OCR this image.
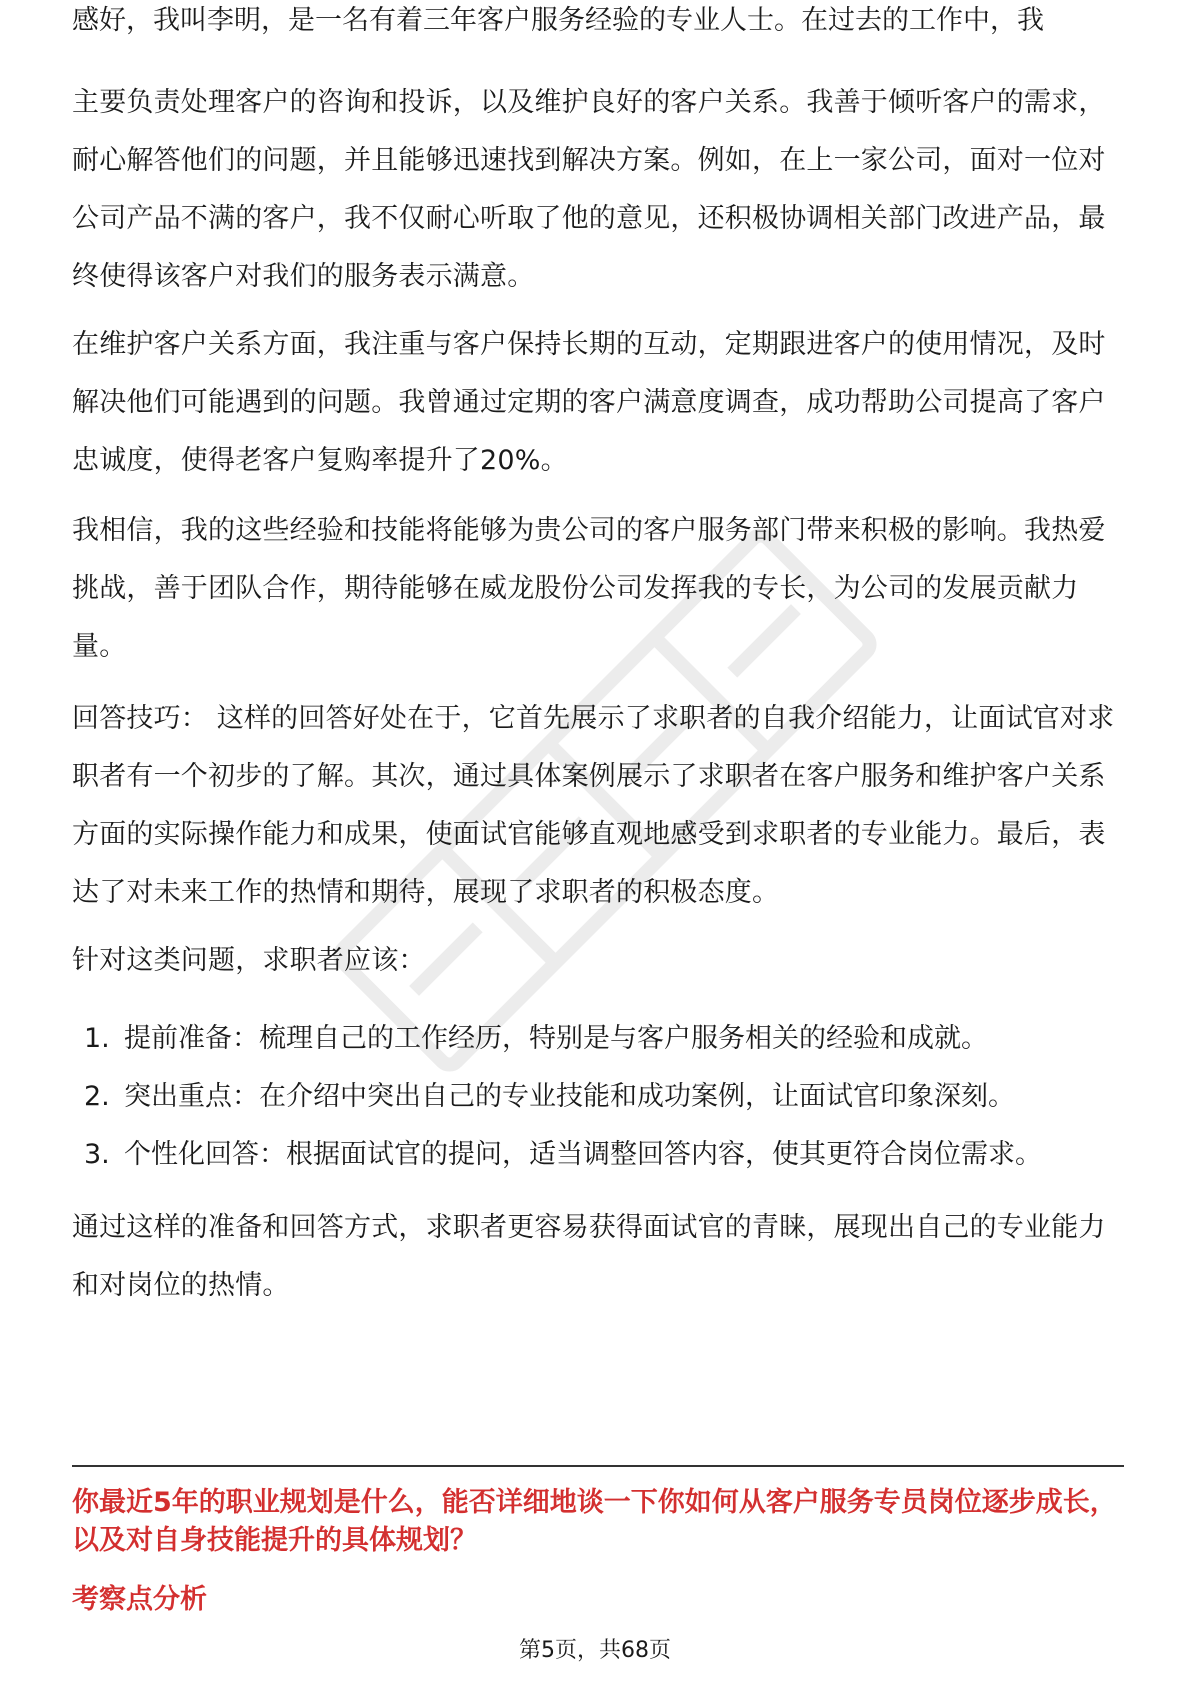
感好，我叫李明，是一名有着三年客户服务经验的专业人士。在过去的工作中，我

主要负责处理客户的咨询和投诉，以及维护良好的客户关系。我善于倾听客户的需求，耐心解答他们的问题，并且能够迅速找到解决方案。例如，在上一家公司，面对一位对公司产品不满的客户，我不仅耐心听取了他的意见，还积极协调相关部门改进产品，最终使得该客户对我们的服务表示满意。

在维护客户关系方面，我注重与客户保持长期的互动，定期跟进客户的使用情况，及时解决他们可能遇到的问题。我曾通过定期的客户满意度调查，成功帮助公司提高了客户忠诚度，使得老客户复购率提升了20%。

我相信，我的这些经验和技能将能够为贵公司的客户服务部门带来积极的影响。我热爱挑战，善于团队合作，期待能够在威龙股份公司发挥我的专长，为公司的发展贡献力量。

回答技巧： 这样的回答好处在于，它首先展示了求职者的自我介绍能力，让面试官对求职者有一个初步的了解。其次，通过具体案例展示了求职者在客户服务和维护客户关系方面的实际操作能力和成果，使面试官能够直观地感受到求职者的专业能力。最后，表达了对未来工作的热情和期待，展现了求职者的积极态度。

针对这类问题，求职者应该：

1. 提前准备：梳理自己的工作经历，特别是与客户服务相关的经验和成就。
2. 突出重点：在介绍中突出自己的专业技能和成功案例，让面试官印象深刻。
3. 个性化回答：根据面试官的提问，适当调整回答内容，使其更符合岗位需求。

通过这样的准备和回答方式，求职者更容易获得面试官的青睐，展现出自己的专业能力和对岗位的热情。

你最近5年的职业规划是什么，能否详细地谈一下你如何从客户服务专员岗位逐步成长，以及对自身技能提升的具体规划？

考察点分析

第5页，共68页
